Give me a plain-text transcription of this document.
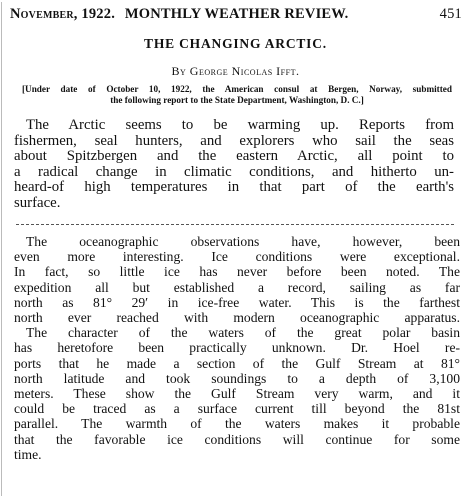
November, 1922. MONTHLY WEATHER REVIEW.	451
THE CHANGING ARCTIC.
By George Nicolas Ifft.
[Under date of October 10, 1922, the American consul at Bergen, Norway, submitted
the following report to the State Department, Washington, D. C.]
The Arctic seems to be warming up. Reports from
fishermen, seal hunters, and explorers who sail the seas
about Spitzbergen and the eastern Arctic, all point to
a radical change in climatic conditions, and hitherto un-
heard-of high temperatures in that part of the earth's
surface.
The oceanographic observations have, however, been
even more interesting. Ice conditions were exceptional.
In fact, so little ice has never before been noted. The
expedition all but established a record, sailing as far
north as 81° 29′ in ice-free water. This is the farthest
north ever reached with modern oceanographic apparatus.
The character of the waters of the great polar basin
has heretofore been practically unknown. Dr. Hoel re-
ports that he made a section of the Gulf Stream at 81°
north latitude and took soundings to a depth of 3,100
meters. These show the Gulf Stream very warm, and it
could be traced as a surface current till beyond the 81st
parallel. The warmth of the waters makes it probable
that the favorable ice conditions will continue for some
time.
